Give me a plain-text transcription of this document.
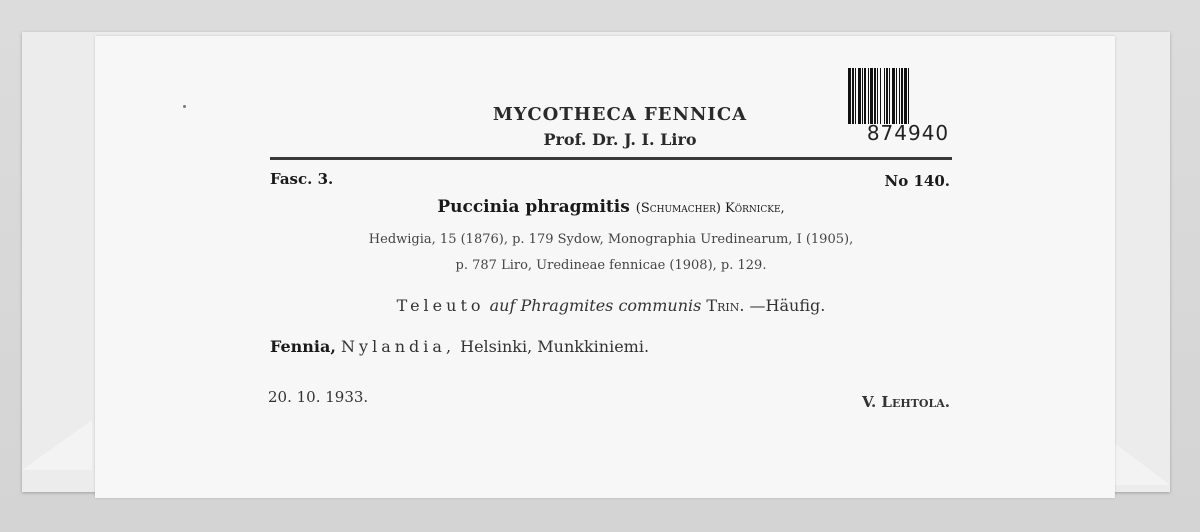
MYCOTHECA FENNICA
Prof. Dr. J. I. Liro	874940
Fasc. 3.	No 140.
Puccinia phragmitis (Schumacher) Körnicke,
Hedwigia, 15 (1876), p. 179 Sydow, Monographia Uredinearum, I (1905),
p. 787 Liro, Uredineae fennicae (1908), p. 129.
Teleuto auf Phragmites communis Trin. —Häufig.
Fennia, Nylandia, Helsinki, Munkkiniemi.
20. 10. 1933.	V. Lehtola.
